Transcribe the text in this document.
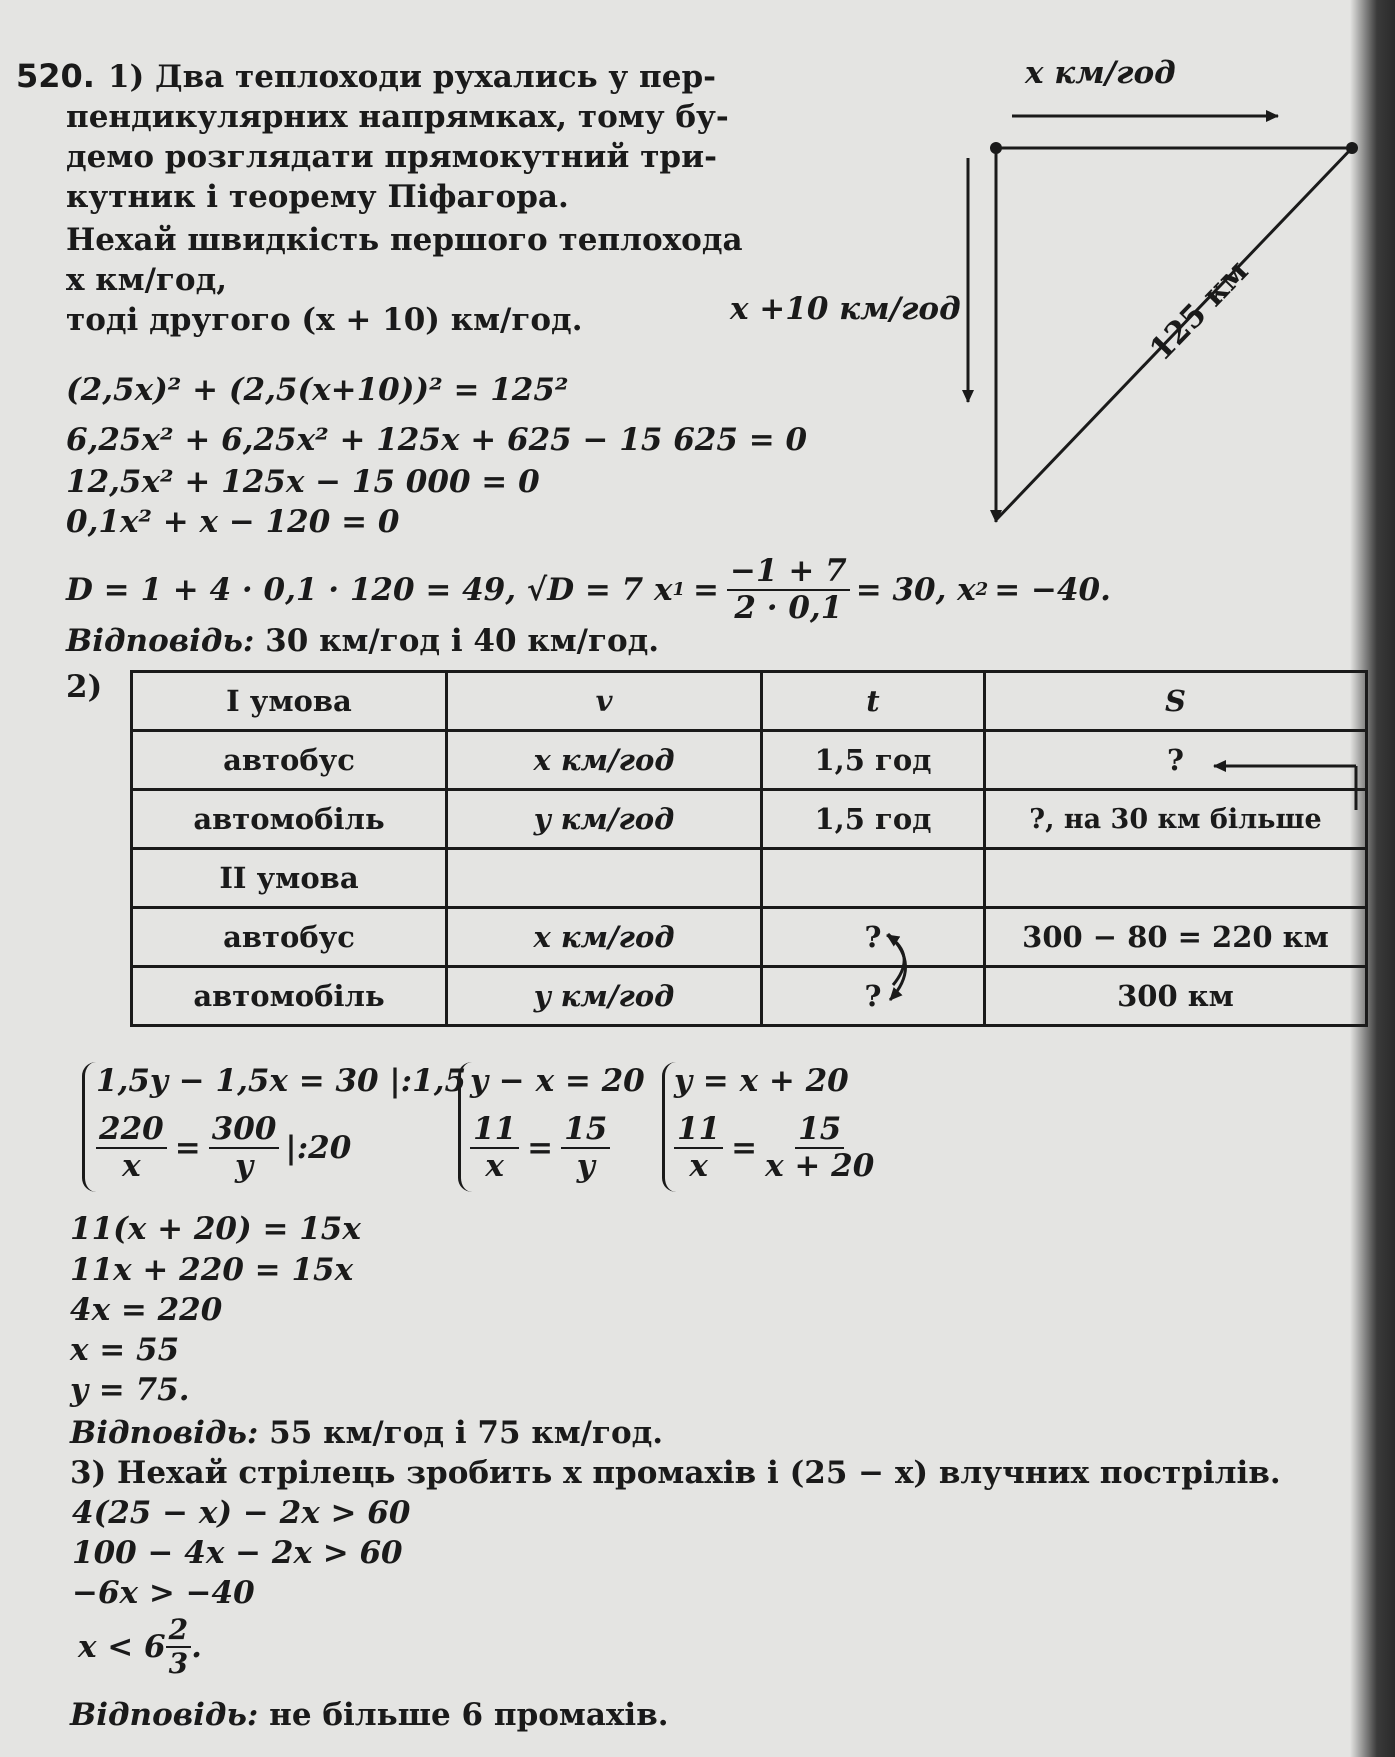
520. 1) Два теплоходи рухались у пер-
пендикулярних напрямках, тому бу-
демо розглядати прямокутний три-
кутник і теорему Піфагора.
Нехай швидкість першого теплохода
x км/год,
тоді другого (x + 10) км/год.
x км/год
x +10 км/год	125 км
(2,5x)² + (2,5(x+10))² = 125²
6,25x² + 6,25x² + 125x + 625 − 15 625 = 0
12,5x² + 125x − 15 000 = 0
0,1x² + x − 120 = 0
D = 1 + 4 · 0,1 · 120 = 49, √D = 7 x $1 = \frac{-1 + 7}{2 \cdot 0,1} = 30$, x 2 = −40.
Відповідь: 30 км/год і 40 км/год.
2)	I умова	v	t	S
автобус	x км/год	1,5 год	?
автомобіль	y км/год	1,5 год	?, на 30 км більше
II умова			
автобус	x км/год	?	300 − 80 = 220 км
автомобіль	y км/год	?	300 км
1,5y − 1,5x = 30 |:1,5
$\frac{220}{x} = \frac{300}{y}$ |:20
y − x = 20
$\frac{11}{x} = \frac{15}{y}$
y = x + 20
$\frac{11}{x} = \frac{15}{x + 20}$
11(x + 20) = 15x
11x + 220 = 15x
4x = 220
x = 55
y = 75.
Відповідь: 55 км/год і 75 км/год.
3) Нехай стрілець зробить x промахів і (25 − x) влучних пострілів.
4(25 − x) − 2x > 60
100 − 4x − 2x > 60
−6x > −40
$x < 6 \frac{2}{3}$ .
Відповідь: не більше 6 промахів.
